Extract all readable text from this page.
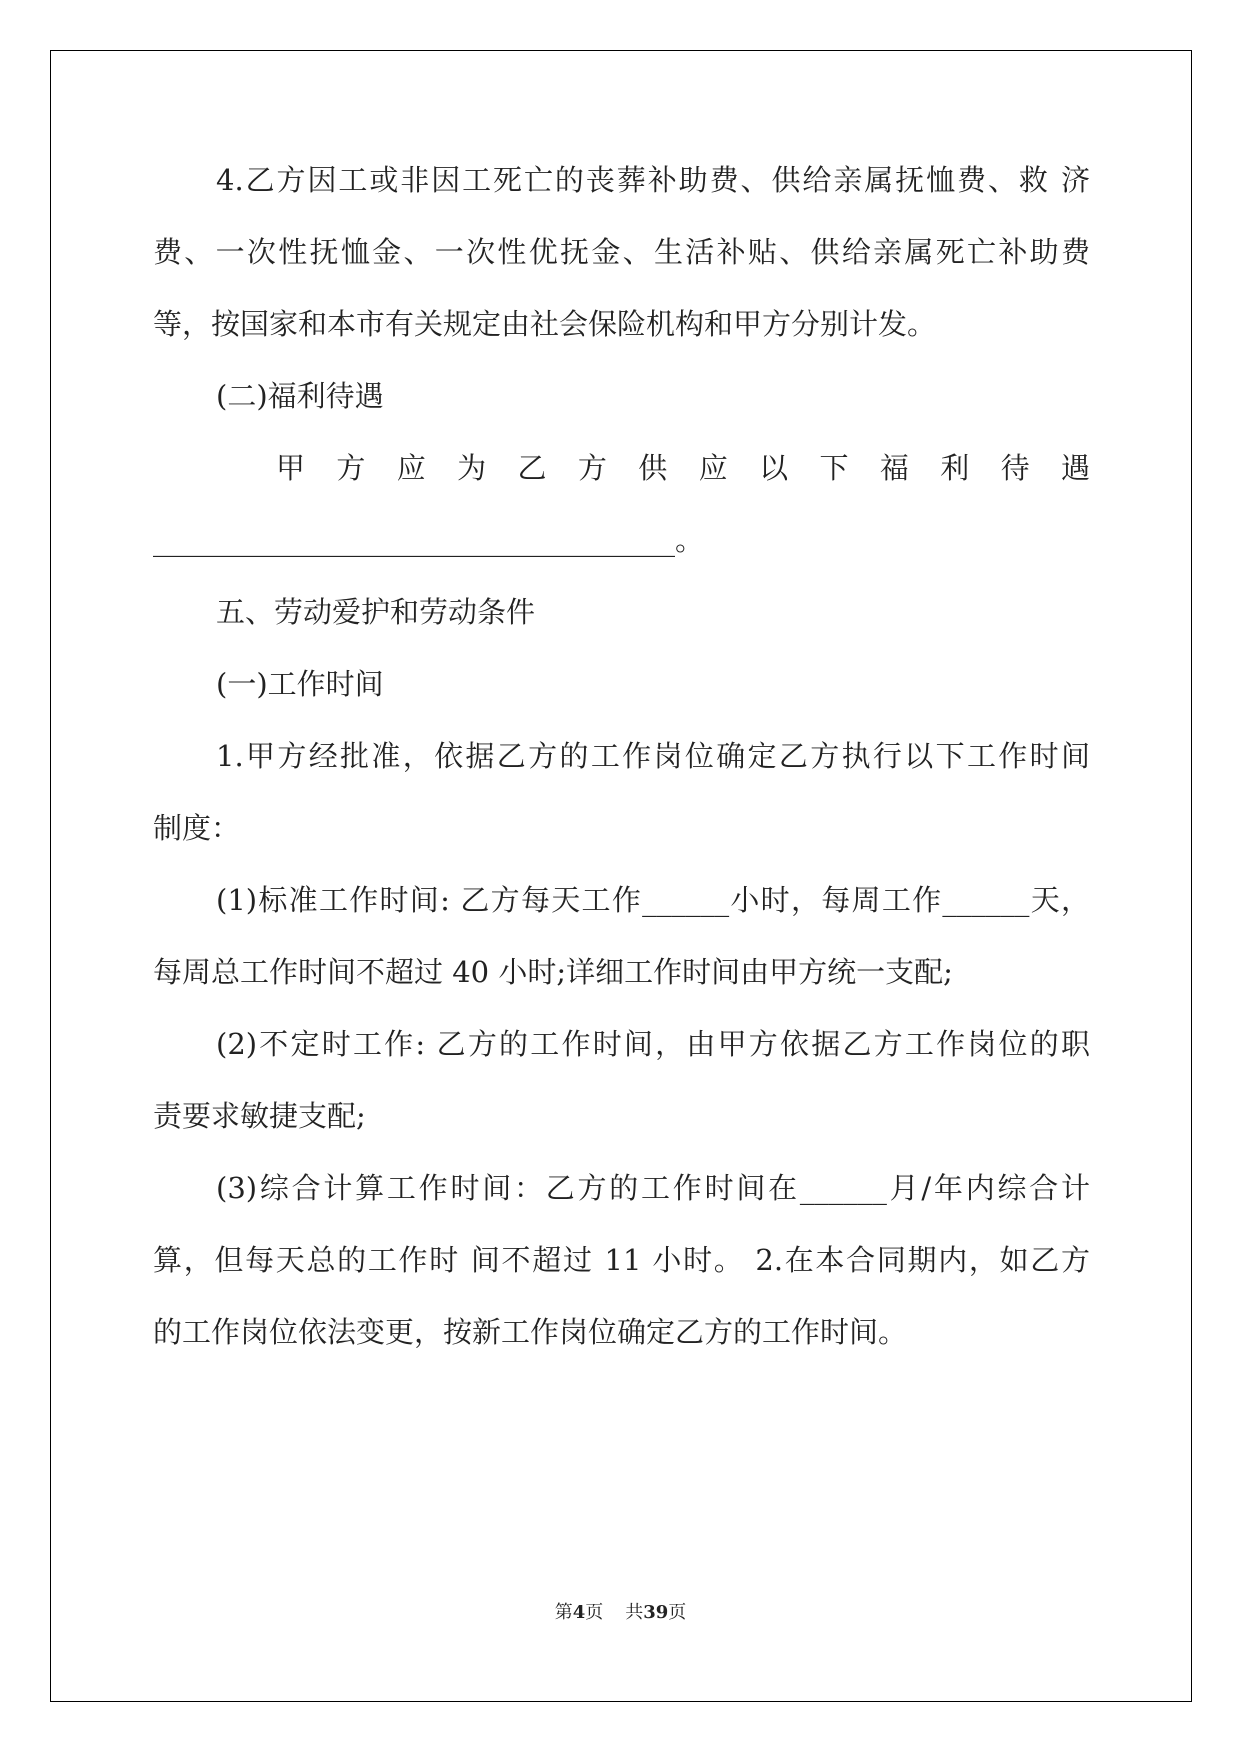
4.乙方因工或非因工死亡的丧葬补助费、供给亲属抚恤费、救 济
费、一次性抚恤金、一次性优抚金、生活补贴、供给亲属死亡补助费
等，按国家和本市有关规定由社会保险机构和甲方分别计发。
(二)福利待遇
甲 方 应 为 乙 方 供 应 以 下 福 利 待 遇
____________________________________。
五、劳动爱护和劳动条件
(一)工作时间
1.甲方经批准，依据乙方的工作岗位确定乙方执行以下工作时间
制度：
(1)标准工作时间: 乙方每天工作______小时，每周工作______天，
每周总工作时间不超过 40 小时;详细工作时间由甲方统一支配;
(2)不定时工作: 乙方的工作时间，由甲方依据乙方工作岗位的职
责要求敏捷支配;
(3)综合计算工作时间：乙方的工作时间在______月/年内综合计
算，但每天总的工作时 间不超过 11 小时。 2.在本合同期内，如乙方
的工作岗位依法变更，按新工作岗位确定乙方的工作时间。
第4页 共39页
